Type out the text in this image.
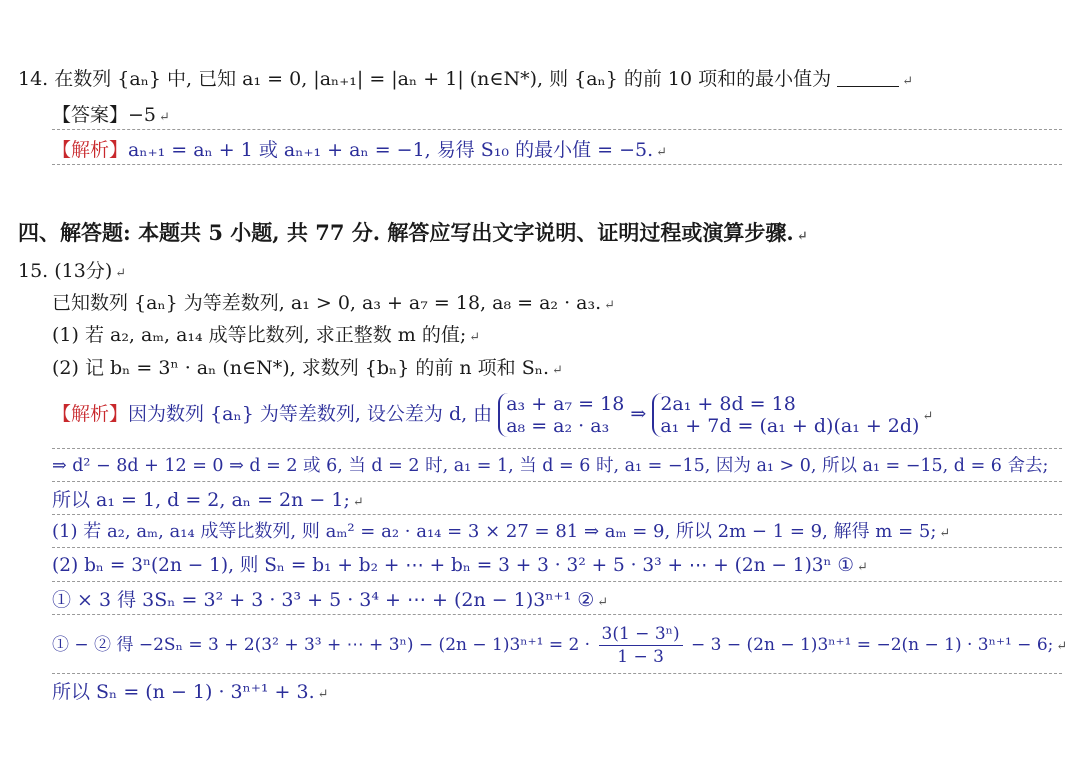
14. 在数列 {aₙ} 中, 已知 a₁ = 0, |aₙ₊₁| = |aₙ + 1| (n∈N*), 则 {aₙ} 的前 10 项和的最小值为	↵
【答案】−5 ↵
【解析】aₙ₊₁ = aₙ + 1 或 aₙ₊₁ + aₙ = −1, 易得 S₁₀ 的最小值 = −5. ↵
四、解答题: 本题共 5 小题, 共 77 分. 解答应写出文字说明、证明过程或演算步骤. ↵
15. (13分) ↵
已知数列 {aₙ} 为等差数列, a₁ > 0, a₃ + a₇ = 18, a₈ = a₂ · a₃. ↵
(1) 若 a₂, aₘ, a₁₄ 成等比数列, 求正整数 m 的值; ↵
(2) 记 bₙ = 3ⁿ · aₙ (n∈N*), 求数列 {bₙ} 的前 n 项和 Sₙ. ↵
【解析】因为数列 {aₙ} 为等差数列, 设公差为 d, 由 a₃ + a₇ = 18
a₈ = a₂ · a₃
⇒ 2a₁ + 8d = 18
a₁ + 7d = (a₁ + d)(a₁ + 2d) ↵
⇒ d² − 8d + 12 = 0 ⇒ d = 2 或 6, 当 d = 2 时, a₁ = 1, 当 d = 6 时, a₁ = −15, 因为 a₁ > 0, 所以 a₁ = −15, d = 6 舍去;
所以 a₁ = 1, d = 2, aₙ = 2n − 1; ↵
(1) 若 a₂, aₘ, a₁₄ 成等比数列, 则 aₘ² = a₂ · a₁₄ = 3 × 27 = 81 ⇒ aₘ = 9, 所以 2m − 1 = 9, 解得 m = 5; ↵
(2) bₙ = 3ⁿ(2n − 1), 则 Sₙ = b₁ + b₂ + ⋯ + bₙ = 3 + 3 · 3² + 5 · 3³ + ⋯ + (2n − 1)3ⁿ ① ↵
① × 3 得 3Sₙ = 3² + 3 · 3³ + 5 · 3⁴ + ⋯ + (2n − 1)3ⁿ⁺¹ ② ↵
① − ② 得 −2Sₙ = 3 + 2(3² + 3³ + ⋯ + $3^n) - (2n - 1)3^{n+1} = 2 \cdot \frac{\text{3(1 − 3ⁿ)}}{1 - 3} - 3 - (2n - 1)3^{n+1} = -2(n - 1) \cdot 3^{n+1} - 6$; ↵
所以 Sₙ = (n − 1) · 3ⁿ⁺¹ + 3. ↵
